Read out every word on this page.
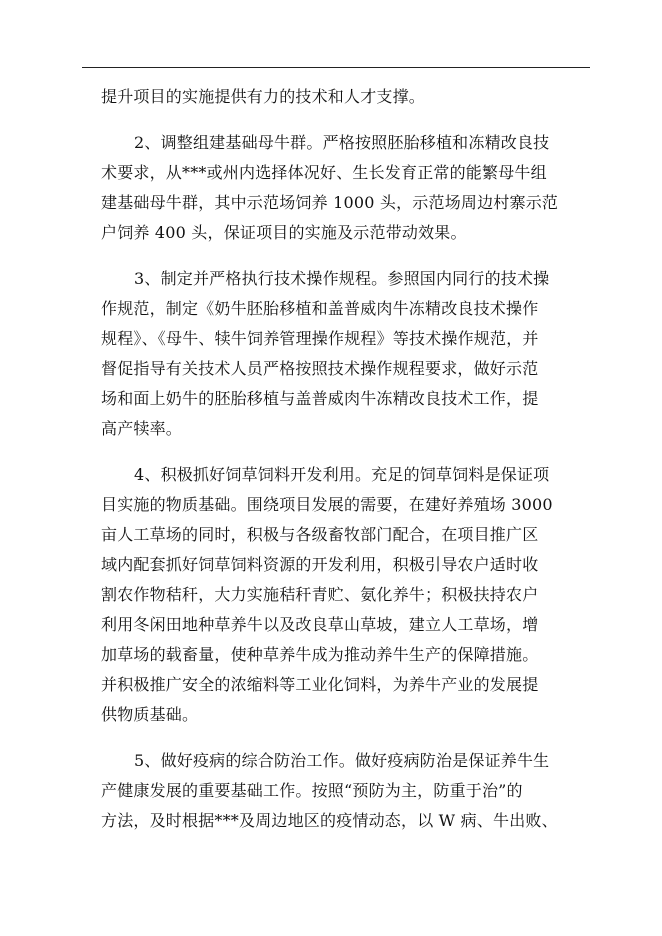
提升项目的实施提供有力的技术和人才支撑。
2、调整组建基础母牛群。严格按照胚胎移植和冻精改良技
术要求，从***或州内选择体况好、生长发育正常的能繁母牛组
建基础母牛群，其中示范场饲养 1000 头，示范场周边村寨示范
户饲养 400 头，保证项目的实施及示范带动效果。
3、制定并严格执行技术操作规程。参照国内同行的技术操
作规范，制定《奶牛胚胎移植和盖普威肉牛冻精改良技术操作
规程》、《母牛、犊牛饲养管理操作规程》等技术操作规范，并
督促指导有关技术人员严格按照技术操作规程要求，做好示范
场和面上奶牛的胚胎移植与盖普威肉牛冻精改良技术工作，提
高产犊率。
4、积极抓好饲草饲料开发利用。充足的饲草饲料是保证项
目实施的物质基础。围绕项目发展的需要，在建好养殖场 3000
亩人工草场的同时，积极与各级畜牧部门配合，在项目推广区
域内配套抓好饲草饲料资源的开发利用，积极引导农户适时收
割农作物秸秆，大力实施秸秆青贮、氨化养牛；积极扶持农户
利用冬闲田地种草养牛以及改良草山草坡，建立人工草场，增
加草场的载畜量，使种草养牛成为推动养牛生产的保障措施。
并积极推广安全的浓缩料等工业化饲料，为养牛产业的发展提
供物质基础。
5、做好疫病的综合防治工作。做好疫病防治是保证养牛生
产健康发展的重要基础工作。按照“预防为主，防重于治”的
方法，及时根据***及周边地区的疫情动态，以 W 病、牛出败、
